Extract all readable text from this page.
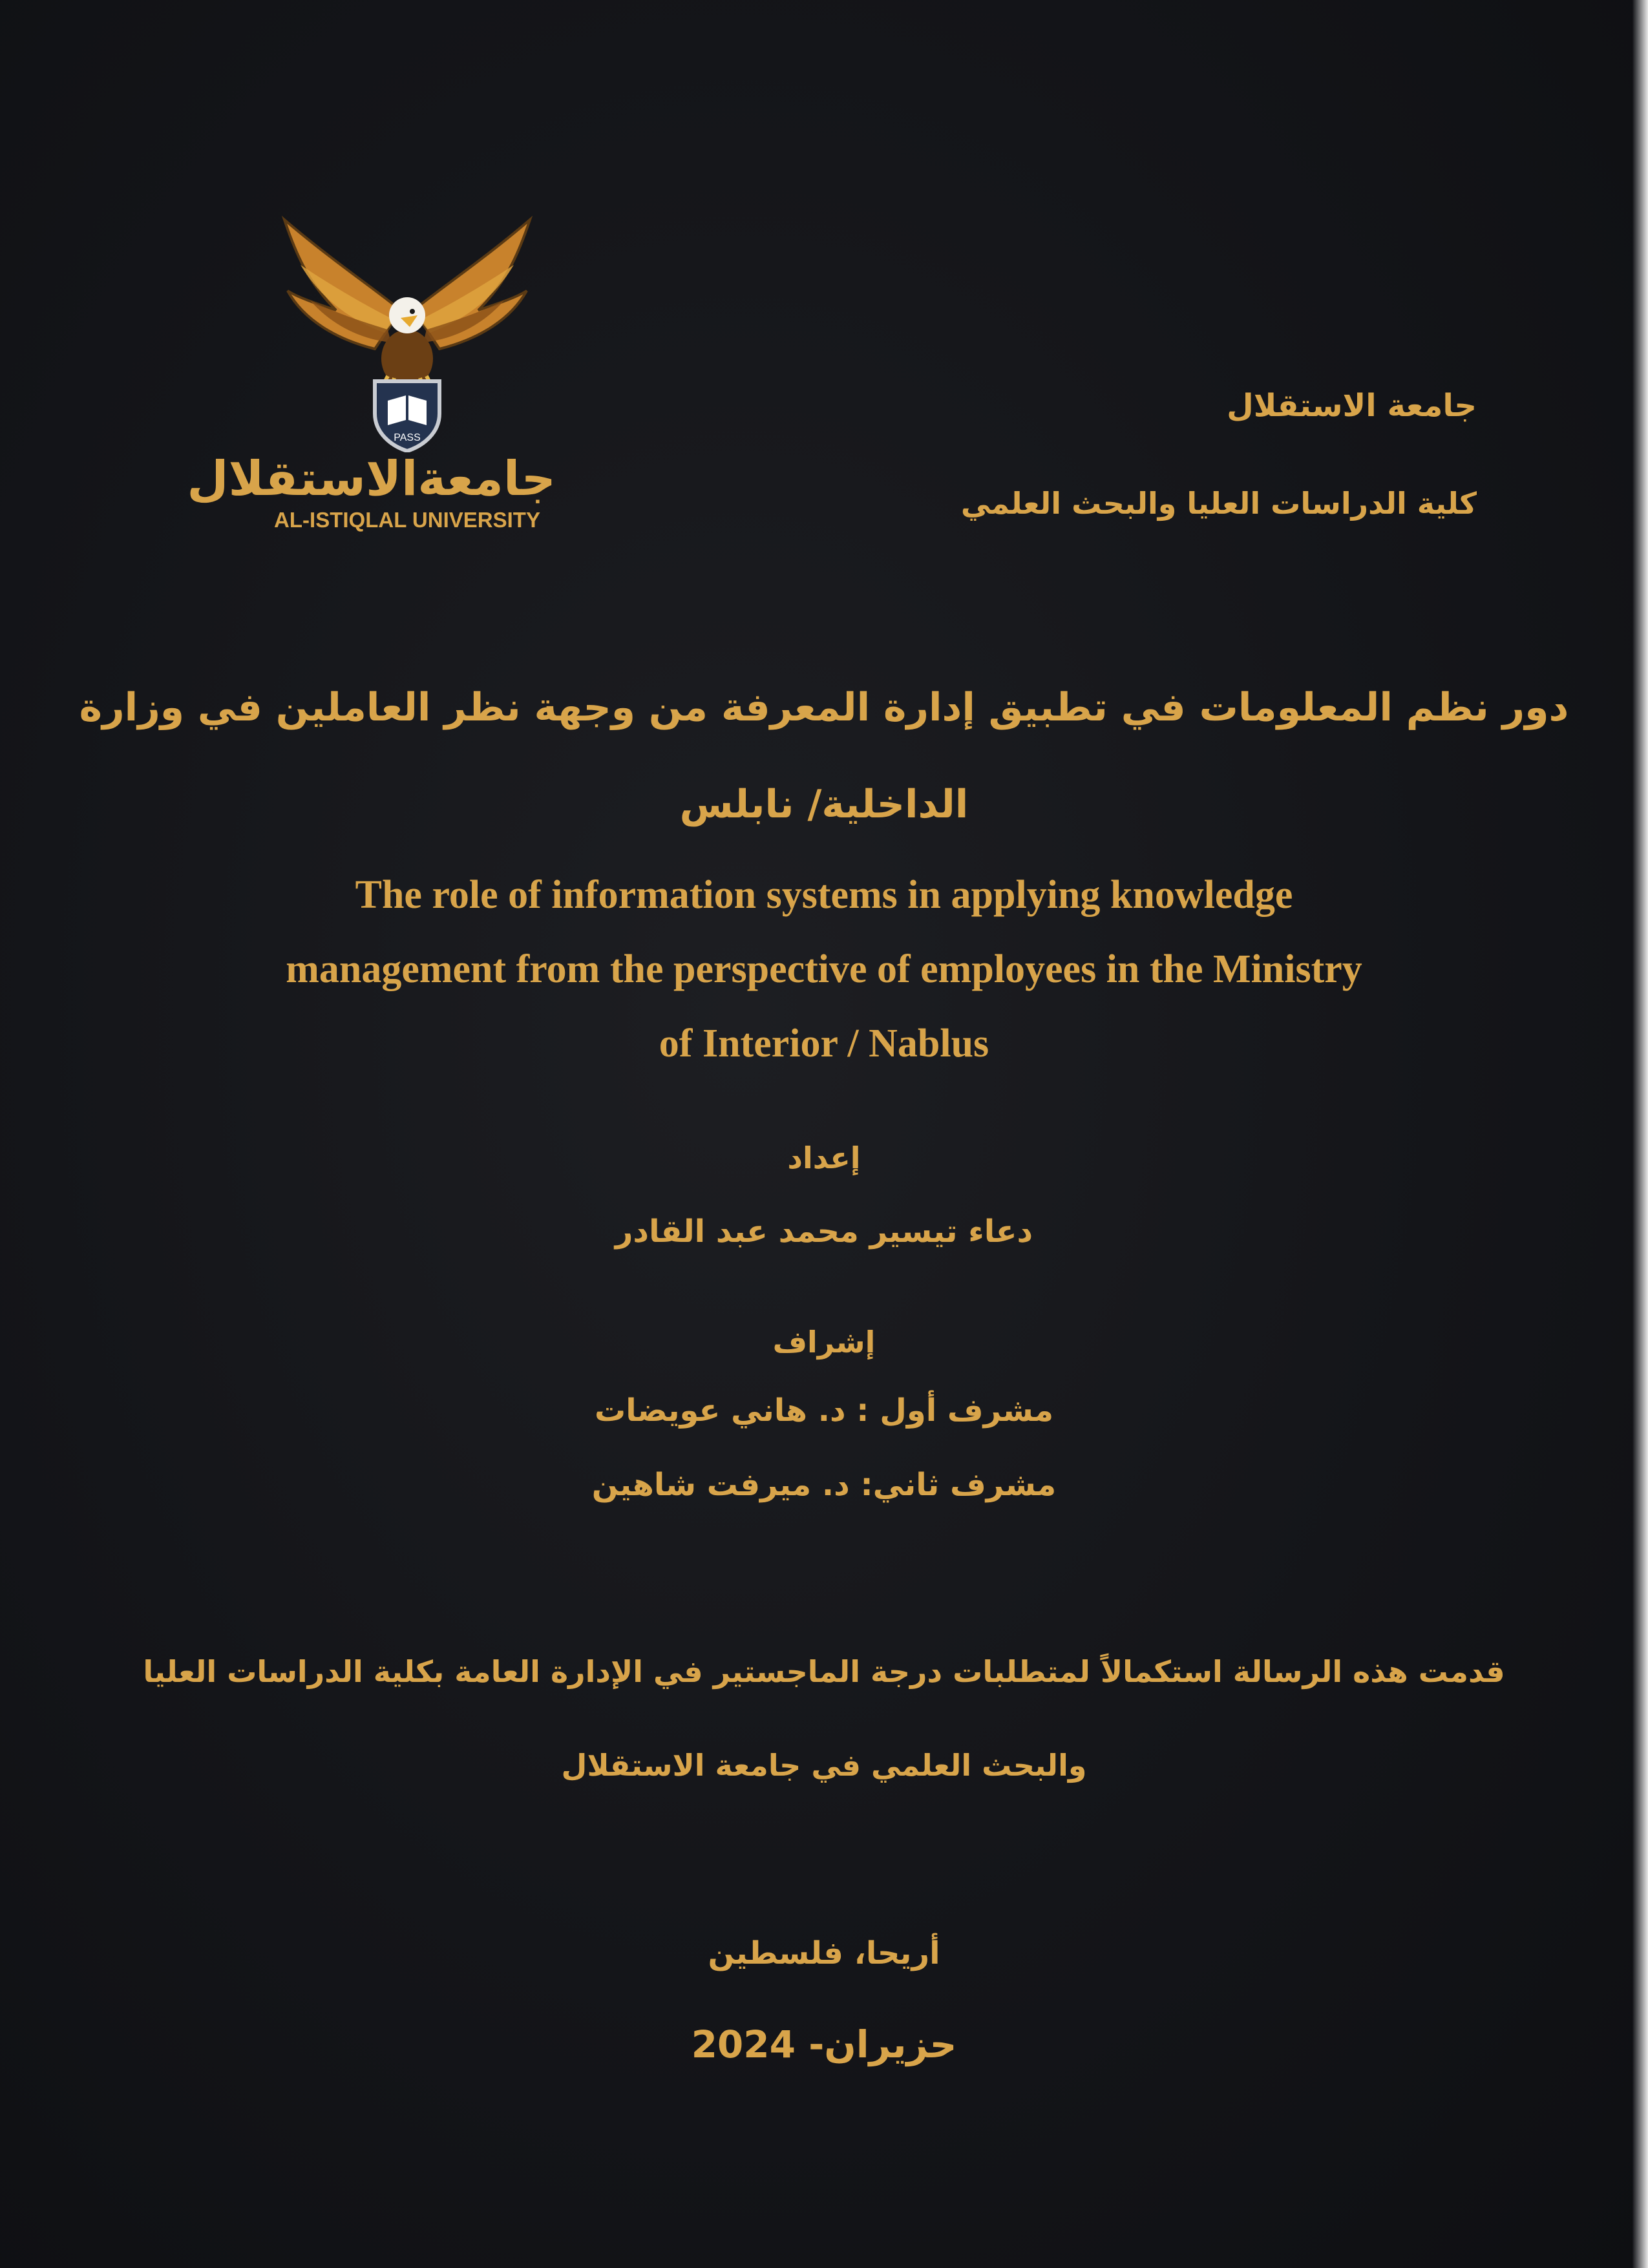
PASS
جامعةالاستقلال
AL-ISTIQLAL UNIVERSITY
جامعة الاستقلال
كلية الدراسات العليا والبحث العلمي
دور نظم المعلومات في تطبيق إدارة المعرفة من وجهة نظر العاملين في وزارة
الداخلية/ نابلس
The role of information systems in applying knowledge
management from the perspective of employees in the Ministry
of Interior / Nablus
إعداد
دعاء تيسير محمد عبد القادر
إشراف
مشرف أول : د. هاني عويضات
مشرف ثاني: د. ميرفت شاهين
قدمت هذه الرسالة استكمالاً لمتطلبات درجة الماجستير في الإدارة العامة بكلية الدراسات العليا
والبحث العلمي في جامعة الاستقلال
أريحا، فلسطين
حزيران- 2024
